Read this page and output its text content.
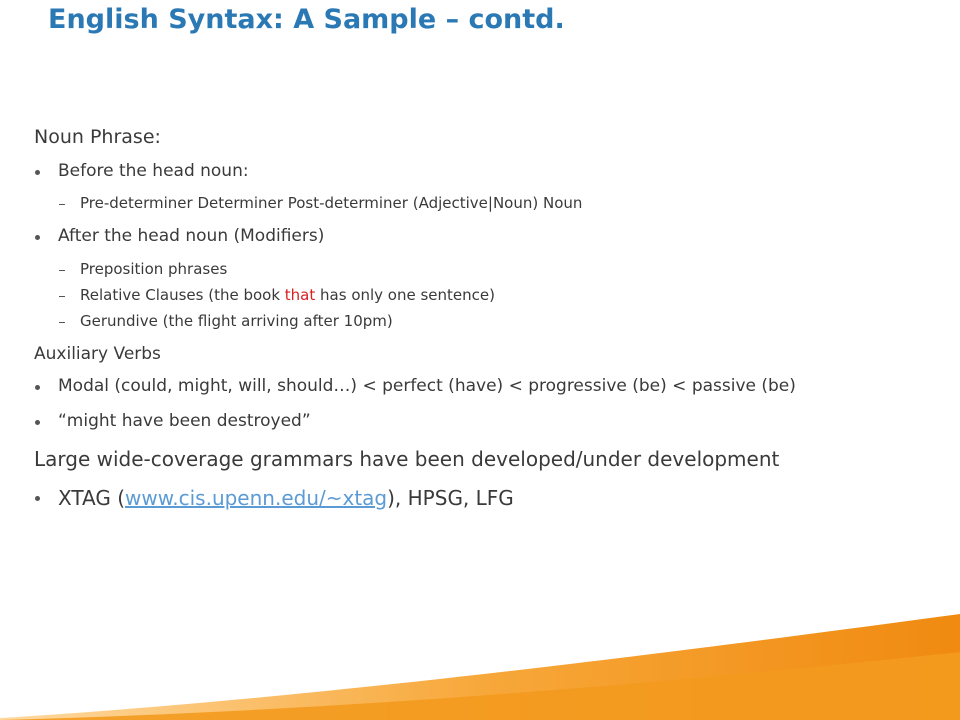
English Syntax: A Sample – contd.
Noun Phrase:
Before the head noun:
Pre-determiner Determiner Post-determiner (Adjective|Noun) Noun
After the head noun (Modifiers)
Preposition phrases
Relative Clauses (the book that has only one sentence)
Gerundive (the flight arriving after 10pm)
Auxiliary Verbs
Modal (could, might, will, should…) < perfect (have) < progressive (be) < passive (be)
“might have been destroyed”
Large wide-coverage grammars have been developed/under development
XTAG (www.cis.upenn.edu/~xtag), HPSG, LFG
